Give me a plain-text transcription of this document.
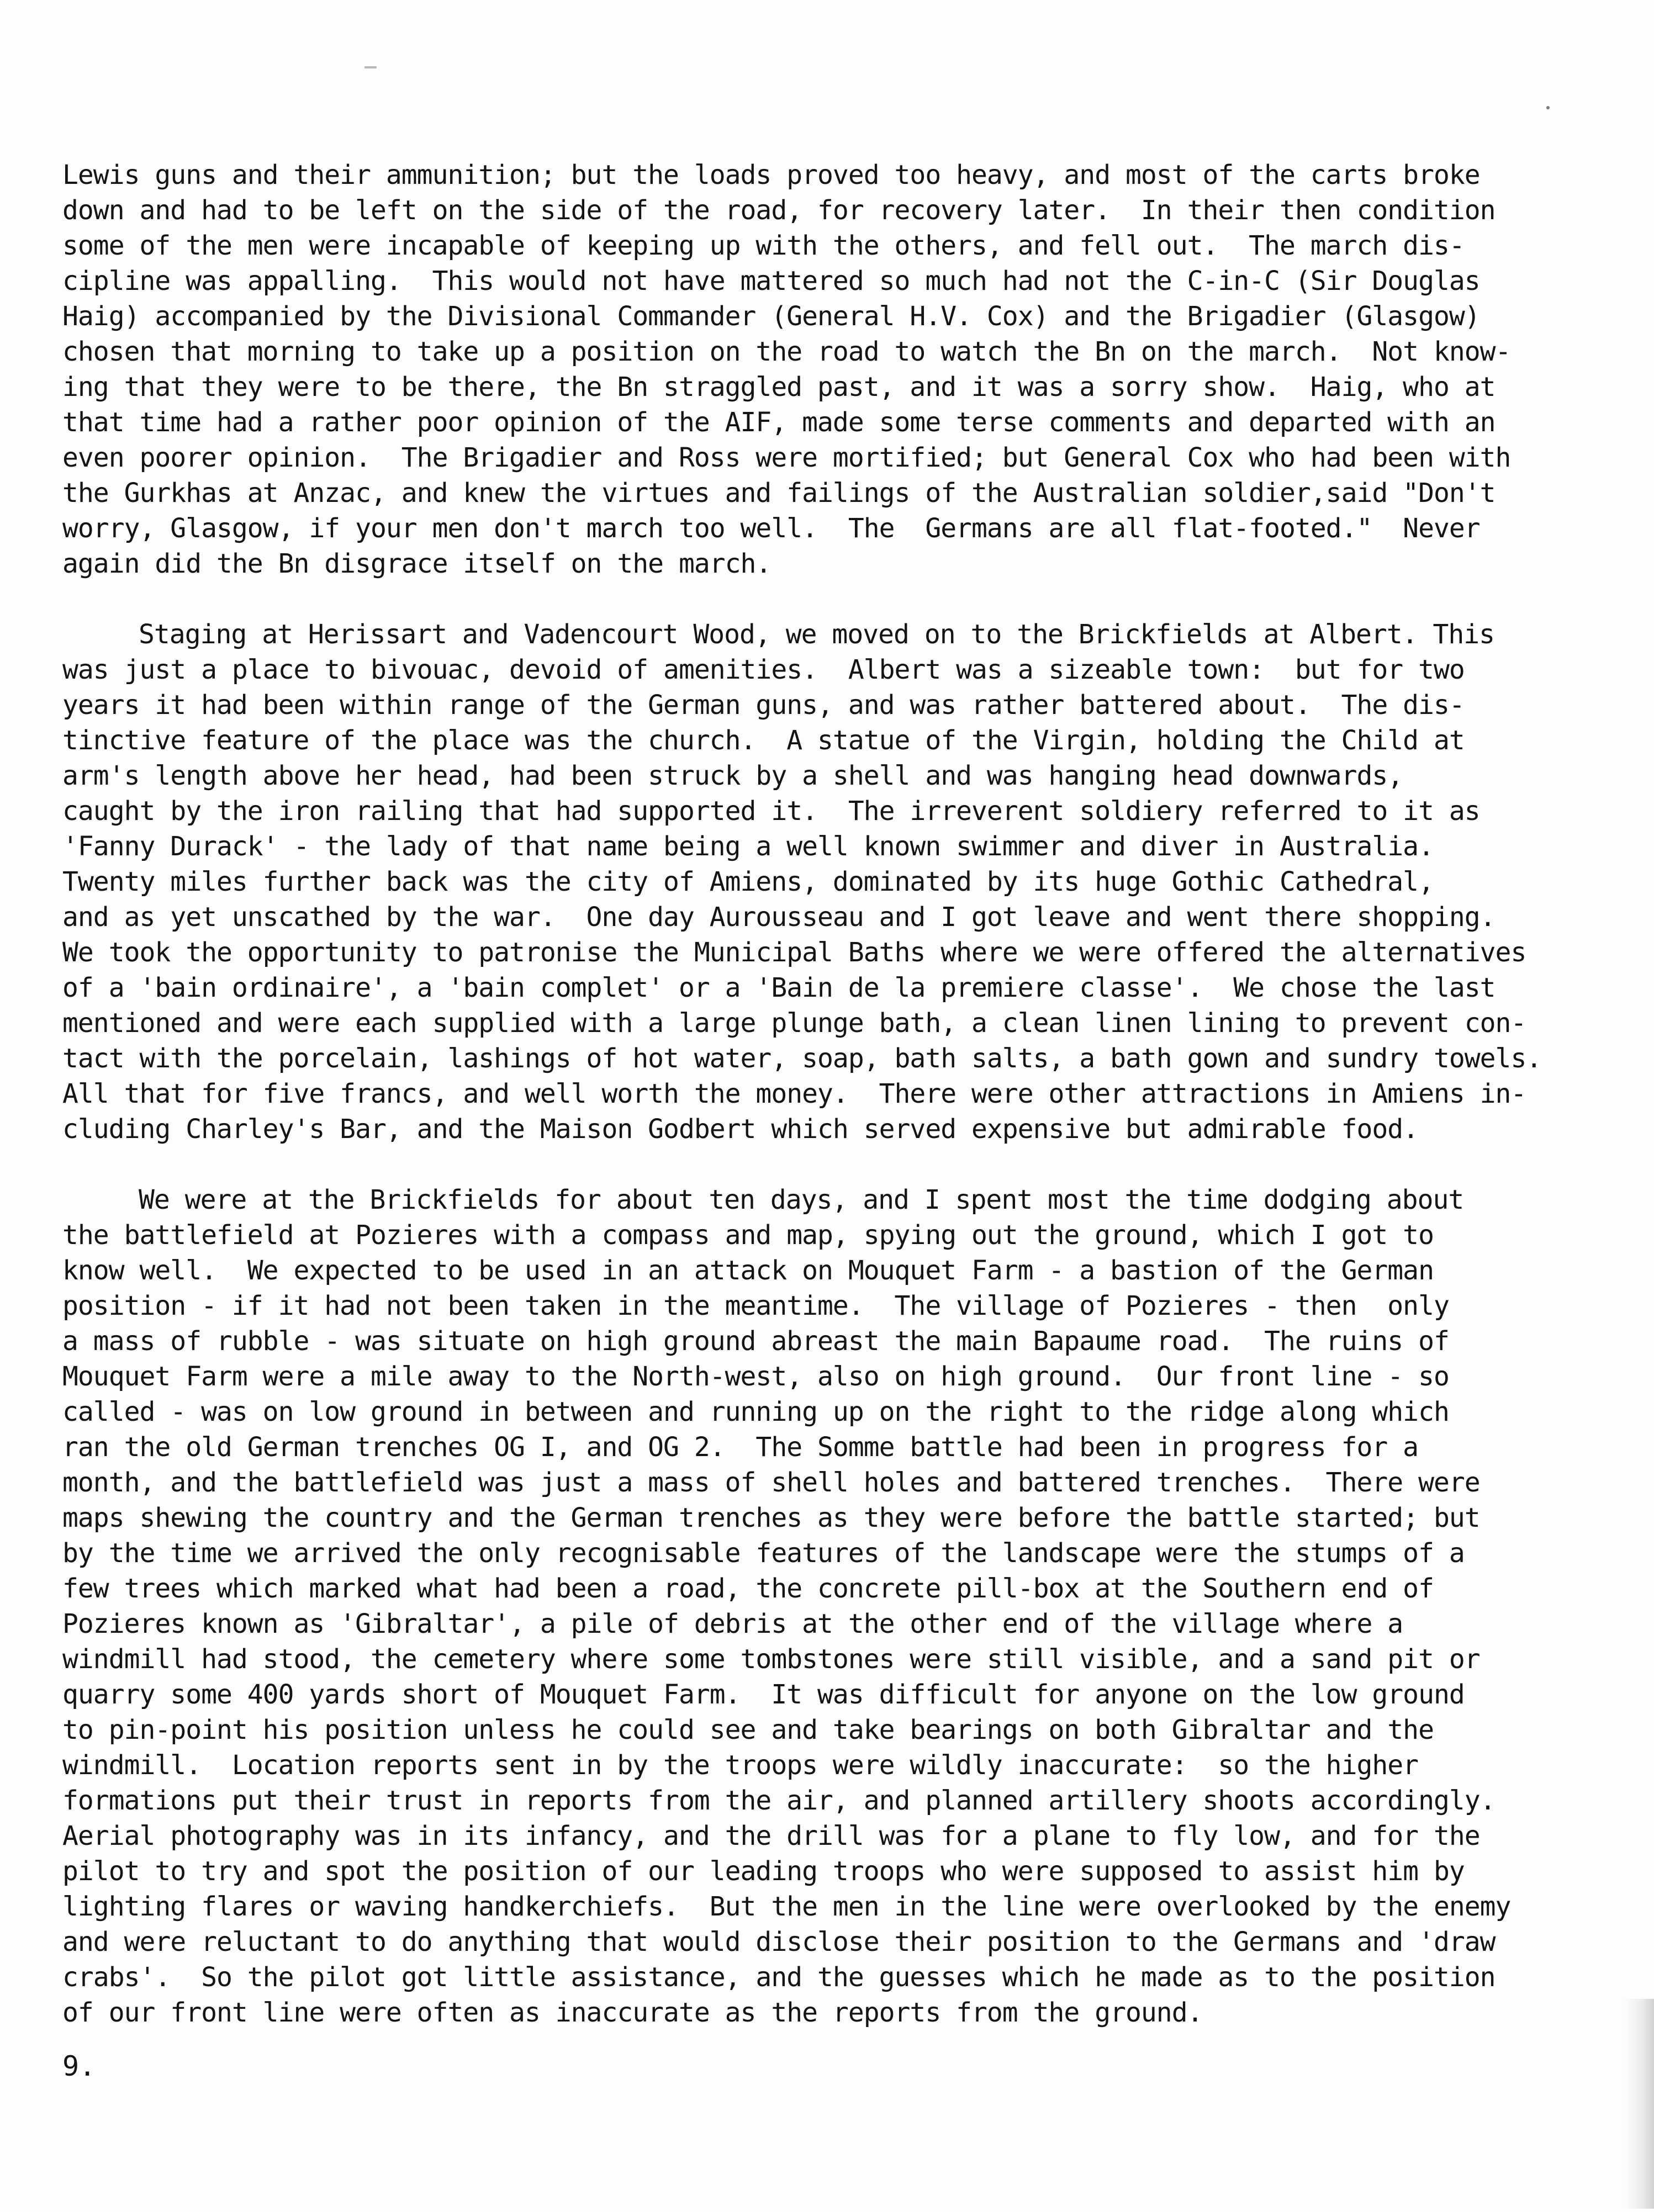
Lewis guns and their ammunition; but the loads proved too heavy, and most of the carts broke
down and had to be left on the side of the road, for recovery later.  In their then condition
some of the men were incapable of keeping up with the others, and fell out.  The march dis-
cipline was appalling.  This would not have mattered so much had not the C-in-C (Sir Douglas
Haig) accompanied by the Divisional Commander (General H.V. Cox) and the Brigadier (Glasgow)
chosen that morning to take up a position on the road to watch the Bn on the march.  Not know-
ing that they were to be there, the Bn straggled past, and it was a sorry show.  Haig, who at
that time had a rather poor opinion of the AIF, made some terse comments and departed with an
even poorer opinion.  The Brigadier and Ross were mortified; but General Cox who had been with
the Gurkhas at Anzac, and knew the virtues and failings of the Australian soldier,said "Don't
worry, Glasgow, if your men don't march too well.  The  Germans are all flat-footed."  Never
again did the Bn disgrace itself on the march.
Staging at Herissart and Vadencourt Wood, we moved on to the Brickfields at Albert. This
was just a place to bivouac, devoid of amenities.  Albert was a sizeable town:  but for two
years it had been within range of the German guns, and was rather battered about.  The dis-
tinctive feature of the place was the church.  A statue of the Virgin, holding the Child at
arm's length above her head, had been struck by a shell and was hanging head downwards,
caught by the iron railing that had supported it.  The irreverent soldiery referred to it as
'Fanny Durack' - the lady of that name being a well known swimmer and diver in Australia.
Twenty miles further back was the city of Amiens, dominated by its huge Gothic Cathedral,
and as yet unscathed by the war.  One day Aurousseau and I got leave and went there shopping.
We took the opportunity to patronise the Municipal Baths where we were offered the alternatives
of a 'bain ordinaire', a 'bain complet' or a 'Bain de la premiere classe'.  We chose the last
mentioned and were each supplied with a large plunge bath, a clean linen lining to prevent con-
tact with the porcelain, lashings of hot water, soap, bath salts, a bath gown and sundry towels.
All that for five francs, and well worth the money.  There were other attractions in Amiens in-
cluding Charley's Bar, and the Maison Godbert which served expensive but admirable food.
We were at the Brickfields for about ten days, and I spent most the time dodging about
the battlefield at Pozieres with a compass and map, spying out the ground, which I got to
know well.  We expected to be used in an attack on Mouquet Farm - a bastion of the German
position - if it had not been taken in the meantime.  The village of Pozieres - then  only
a mass of rubble - was situate on high ground abreast the main Bapaume road.  The ruins of
Mouquet Farm were a mile away to the North-west, also on high ground.  Our front line - so
called - was on low ground in between and running up on the right to the ridge along which
ran the old German trenches OG I, and OG 2.  The Somme battle had been in progress for a
month, and the battlefield was just a mass of shell holes and battered trenches.  There were
maps shewing the country and the German trenches as they were before the battle started; but
by the time we arrived the only recognisable features of the landscape were the stumps of a
few trees which marked what had been a road, the concrete pill-box at the Southern end of
Pozieres known as 'Gibraltar', a pile of debris at the other end of the village where a
windmill had stood, the cemetery where some tombstones were still visible, and a sand pit or
quarry some 400 yards short of Mouquet Farm.  It was difficult for anyone on the low ground
to pin-point his position unless he could see and take bearings on both Gibraltar and the
windmill.  Location reports sent in by the troops were wildly inaccurate:  so the higher
formations put their trust in reports from the air, and planned artillery shoots accordingly.
Aerial photography was in its infancy, and the drill was for a plane to fly low, and for the
pilot to try and spot the position of our leading troops who were supposed to assist him by
lighting flares or waving handkerchiefs.  But the men in the line were overlooked by the enemy
and were reluctant to do anything that would disclose their position to the Germans and 'draw
crabs'.  So the pilot got little assistance, and the guesses which he made as to the position
of our front line were often as inaccurate as the reports from the ground.
9.
